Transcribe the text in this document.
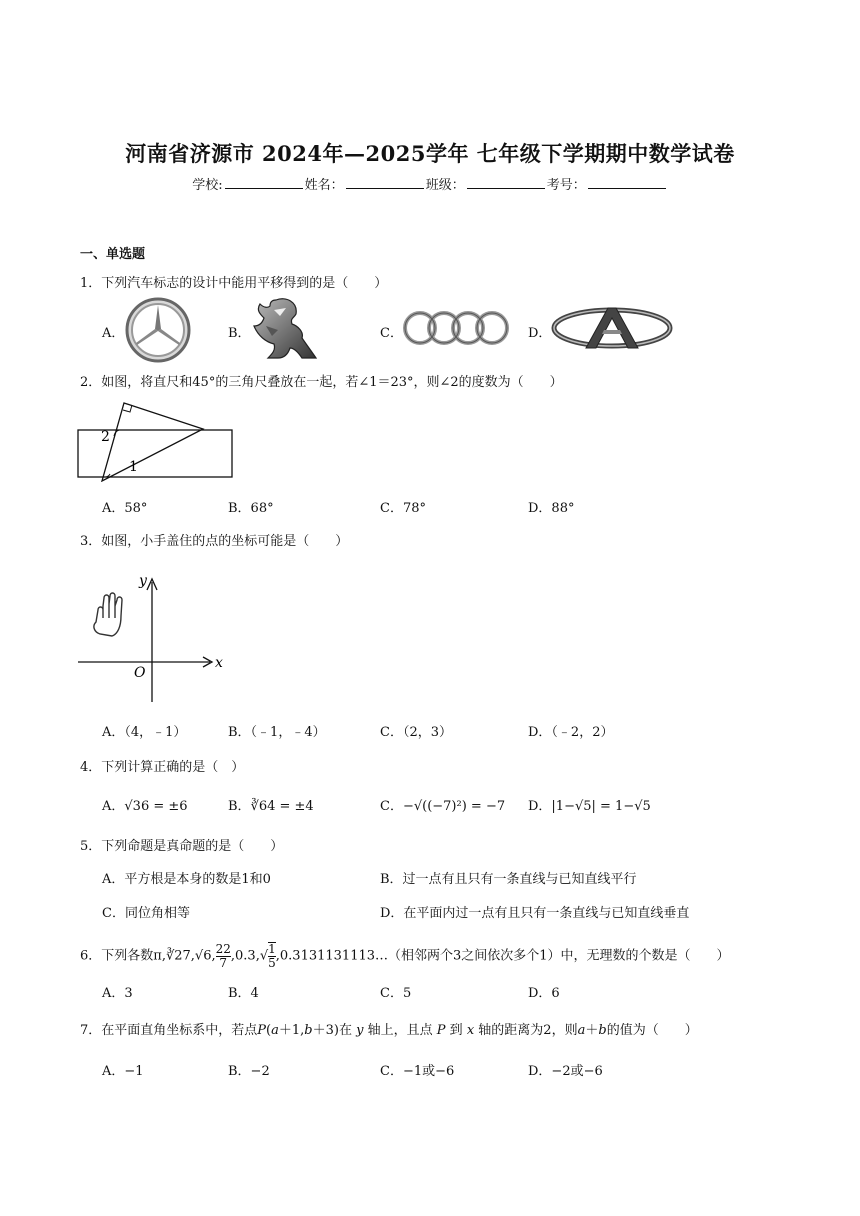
河南省济源市 2024年—2025学年 七年级下学期期中数学试卷
学校:	姓名：	班级：	考号：
一、单选题
1．下列汽车标志的设计中能用平移得到的是（　　）
A．	B．	C．	D．
2．如图，将直尺和45°的三角尺叠放在一起，若∠1＝23°，则∠2的度数为（　　）
2
1
A．58°	B．68°	C．78°	D．88°
3．如图，小手盖住的点的坐标可能是（　　）
y
x
O
A．（4，﹣1）	B．（﹣1，﹣4）	C．（2，3）	D．（﹣2，2）
4．下列计算正确的是（　）
A．√36 = ±6	B．∛64 = ±4	C．−√((−7)²) = −7 D．|1−√5| = 1−√5
5．下列命题是真命题的是（　　）
A．平方根是本身的数是1和0	B．过一点有且只有一条直线与已知直线平行
C．同位角相等	D．在平面内过一点有且只有一条直线与已知直线垂直
6．下列各数π,∛27,√6, $\frac{22}{7} ,0.3,√ \frac{1}{5}$ ,0.3131131113…（相邻两个3之间依次多个1）中，无理数的个数是（　　）
A．3	B．4	C．5	D．6
7．在平面直角坐标系中，若点P(a＋1,b＋3)在 y 轴上，且点 P 到 x 轴的距离为2，则a＋b的值为（　　）
A．−1	B．−2	C．−1或−6	D．−2或−6
